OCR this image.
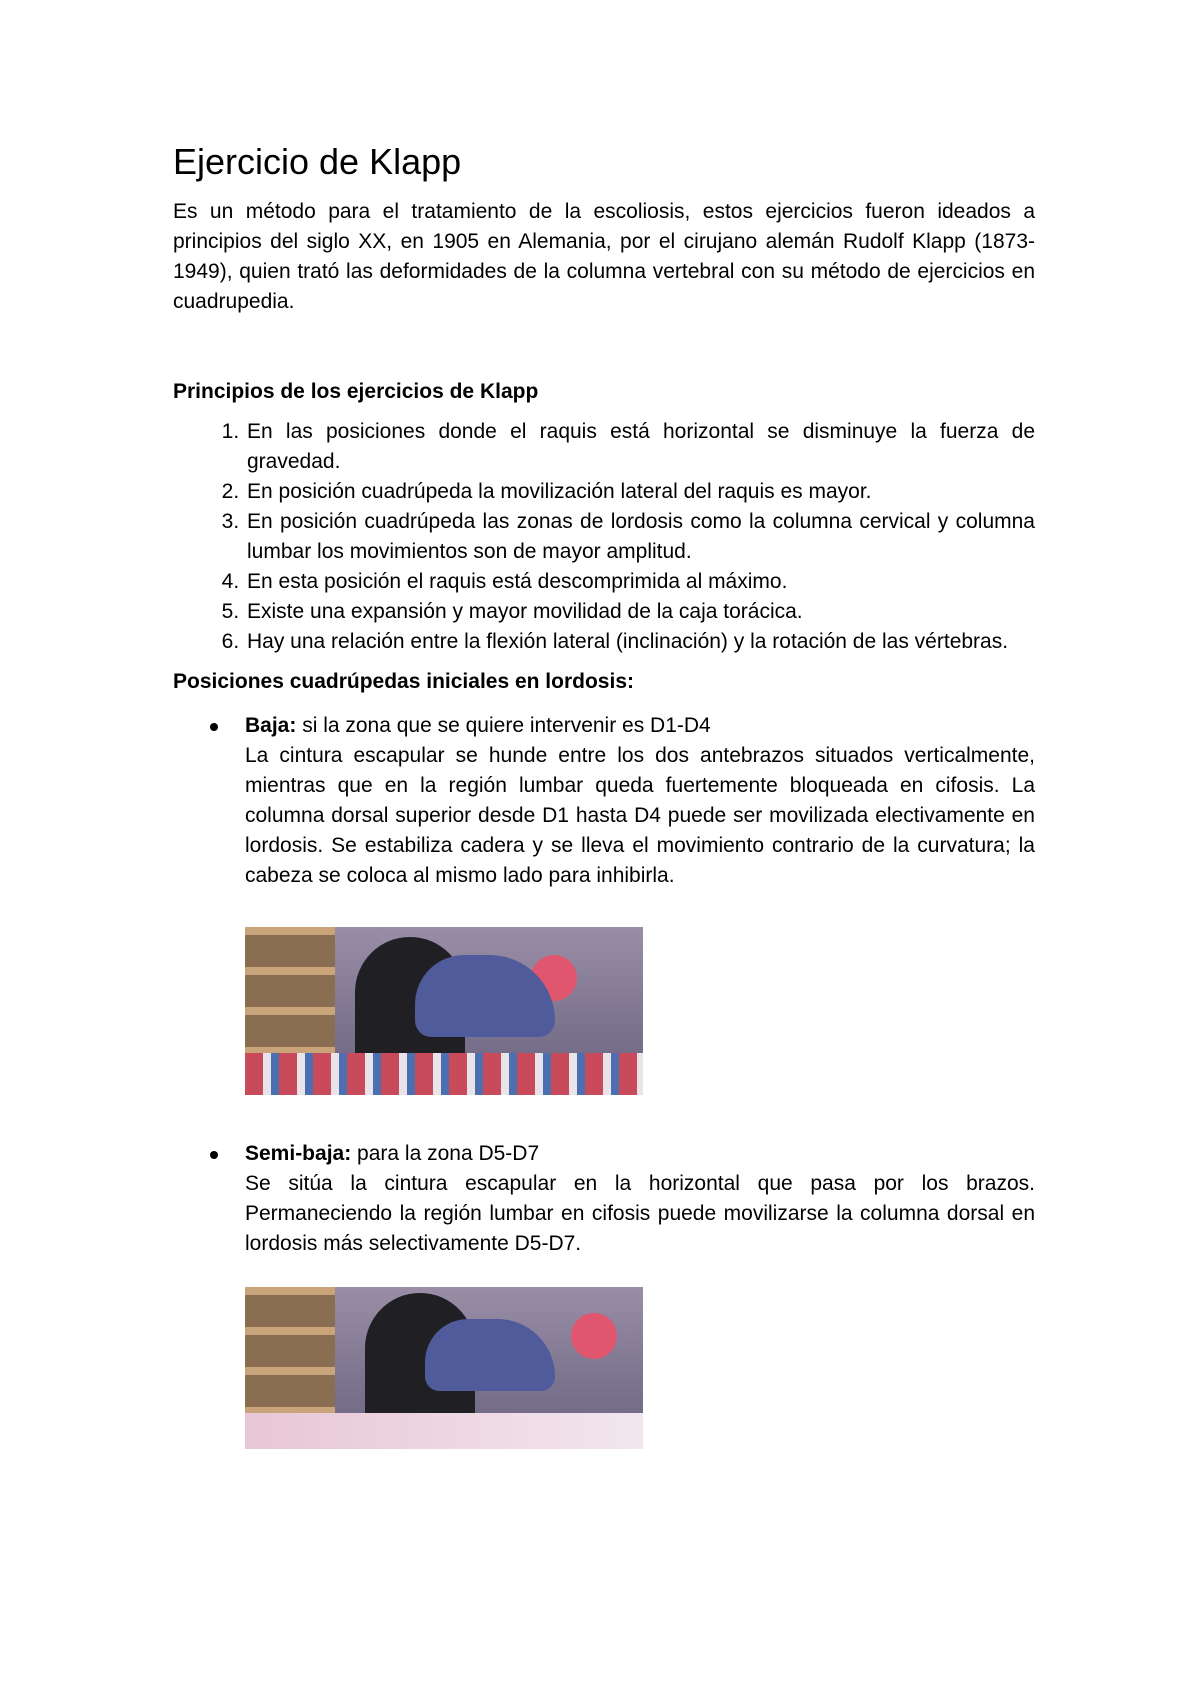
Ejercicio de Klapp

Es un método para el tratamiento de la escoliosis, estos ejercicios fueron ideados a principios del siglo XX, en 1905 en Alemania, por el cirujano alemán Rudolf Klapp (1873-1949), quien trató las deformidades de la columna vertebral con su método de ejercicios en cuadrupedia.

Principios de los ejercicios de Klapp
1. En las posiciones donde el raquis está horizontal se disminuye la fuerza de gravedad.
2. En posición cuadrúpeda la movilización lateral del raquis es mayor.
3. En posición cuadrúpeda las zonas de lordosis como la columna cervical y columna lumbar los movimientos son de mayor amplitud.
4. En esta posición el raquis está descomprimida al máximo.
5. Existe una expansión y mayor movilidad de la caja torácica.
6. Hay una relación entre la flexión lateral (inclinación) y la rotación de las vértebras.
Posiciones cuadrúpedas iniciales en lordosis:
Baja: si la zona que se quiere intervenir es D1-D4
La cintura escapular se hunde entre los dos antebrazos situados verticalmente, mientras que en la región lumbar queda fuertemente bloqueada en cifosis. La columna dorsal superior desde D1 hasta D4 puede ser movilizada electivamente en lordosis. Se estabiliza cadera y se lleva el movimiento contrario de la curvatura; la cabeza se coloca al mismo lado para inhibirla.
Semi-baja: para la zona D5-D7
Se sitúa la cintura escapular en la horizontal que pasa por los brazos. Permaneciendo la región lumbar en cifosis puede movilizarse la columna dorsal en lordosis más selectivamente D5-D7.
